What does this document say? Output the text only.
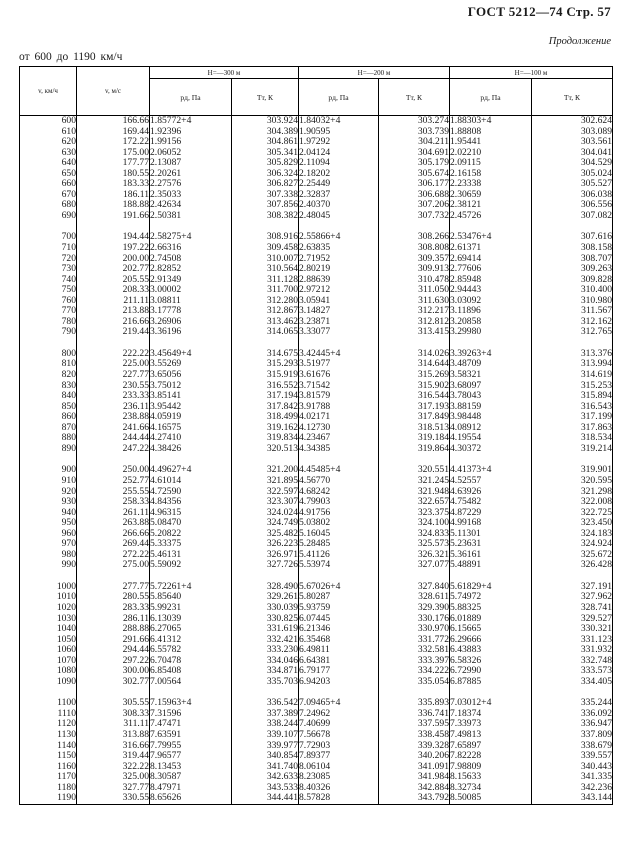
ГОСТ 5212—74 Стр. 57
Продолжение
от 600 до 1190 км/ч
v, км/ч	v, м/с	H=—300 м		H=—200 м		H=—100 м	
		pд, Па	Tт, К	pд, Па	Tт, К	pд, Па	Tт, К
600	166.66	1.85772+4	303.924	1.84032+4	303.274	1.88303+4	302.624
610	169.44	1.92396	304.389	1.90595	303.739	1.88808	303.089
620	172.22	1.99156	304.861	1.97292	304.211	1.95441	303.561
630	175.00	2.06052	305.341	2.04124	304.691	2.02210	304.041
640	177.77	2.13087	305.829	2.11094	305.179	2.09115	304.529
650	180.55	2.20261	306.324	2.18202	305.674	2.16158	305.024
660	183.33	2.27576	306.827	2.25449	306.177	2.23338	305.527
670	186.11	2.35033	307.338	2.32837	306.688	2.30659	306.038
680	188.88	2.42634	307.856	2.40370	307.206	2.38121	306.556
690	191.66	2.50381	308.382	2.48045	307.732	2.45726	307.082

700	194.44	2.58275+4	308.916	2.55866+4	308.266	2.53476+4	307.616
710	197.22	2.66316	309.458	2.63835	308.808	2.61371	308.158
720	200.00	2.74508	310.007	2.71952	309.357	2.69414	308.707
730	202.77	2.82852	310.564	2.80219	309.913	2.77606	309.263
740	205.55	2.91349	311.128	2.88639	310.478	2.85948	309.828
750	208.33	3.00002	311.700	2.97212	311.050	2.94443	310.400
760	211.11	3.08811	312.280	3.05941	311.630	3.03092	310.980
770	213.88	3.17778	312.867	3.14827	312.217	3.11896	311.567
780	216.66	3.26906	313.462	3.23871	312.812	3.20858	312.162
790	219.44	3.36196	314.065	3.33077	313.415	3.29980	312.765

800	222.22	3.45649+4	314.675	3.42445+4	314.026	3.39263+4	313.376
810	225.00	3.55269	315.293	3.51977	314.644	3.48709	313.994
820	227.77	3.65056	315.919	3.61676	315.269	3.58321	314.619
830	230.55	3.75012	316.552	3.71542	315.902	3.68097	315.253
840	233.33	3.85141	317.194	3.81579	316.544	3.78043	315.894
850	236.11	3.95442	317.842	3.91788	317.193	3.88159	316.543
860	238.88	4.05919	318.499	4.02171	317.849	3.98448	317.199
870	241.66	4.16575	319.162	4.12730	318.513	4.08912	317.863
880	244.44	4.27410	319.834	4.23467	319.184	4.19554	318.534
890	247.22	4.38426	320.513	4.34385	319.864	4.30372	319.214

900	250.00	4.49627+4	321.200	4.45485+4	320.551	4.41373+4	319.901
910	252.77	4.61014	321.895	4.56770	321.245	4.52557	320.595
920	255.55	4.72590	322.597	4.68242	321.948	4.63926	321.298
930	258.33	4.84356	323.307	4.79903	322.657	4.75482	322.008
940	261.11	4.96315	324.024	4.91756	323.375	4.87229	322.725
950	263.88	5.08470	324.749	5.03802	324.100	4.99168	323.450
960	266.66	5.20822	325.482	5.16045	324.833	5.11301	324.183
970	269.44	5.33375	326.223	5.28485	325.573	5.23631	324.924
980	272.22	5.46131	326.971	5.41126	326.321	5.36161	325.672
990	275.00	5.59092	327.726	5.53974	327.077	5.48891	326.428

1000	277.77	5.72261+4	328.490	5.67026+4	327.840	5.61829+4	327.191
1010	280.55	5.85640	329.261	5.80287	328.611	5.74972	327.962
1020	283.33	5.99231	330.039	5.93759	329.390	5.88325	328.741
1030	286.11	6.13039	330.825	6.07445	330.176	6.01889	329.527
1040	288.88	6.27065	331.619	6.21346	330.970	6.15665	330.321
1050	291.66	6.41312	332.421	6.35468	331.772	6.29666	331.123
1060	294.44	6.55782	333.230	6.49811	332.581	6.43883	331.932
1070	297.22	6.70478	334.046	6.64381	333.397	6.58326	332.748
1080	300.00	6.85408	334.871	6.79177	334.222	6.72990	333.573
1090	302.77	7.00564	335.703	6.94203	335.054	6.87885	334.405

1100	305.55	7.15963+4	336.542	7.09465+4	335.893	7.03012+4	335.244
1110	308.33	7.31596	337.389	7.24962	336.741	7.18374	336.092
1120	311.11	7.47471	338.244	7.40699	337.595	7.33973	336.947
1130	313.88	7.63591	339.107	7.56678	338.458	7.49813	337.809
1140	316.66	7.79955	339.977	7.72903	339.328	7.65897	338.679
1150	319.44	7.96577	340.854	7.89377	340.206	7.82228	339.557
1160	322.22	8.13453	341.740	8.06104	341.091	7.98809	340.443
1170	325.00	8.30587	342.633	8.23085	341.984	8.15633	341.335
1180	327.77	8.47971	343.533	8.40326	342.884	8.32734	342.236
1190	330.55	8.65626	344.441	8.57828	343.792	8.50085	343.144
